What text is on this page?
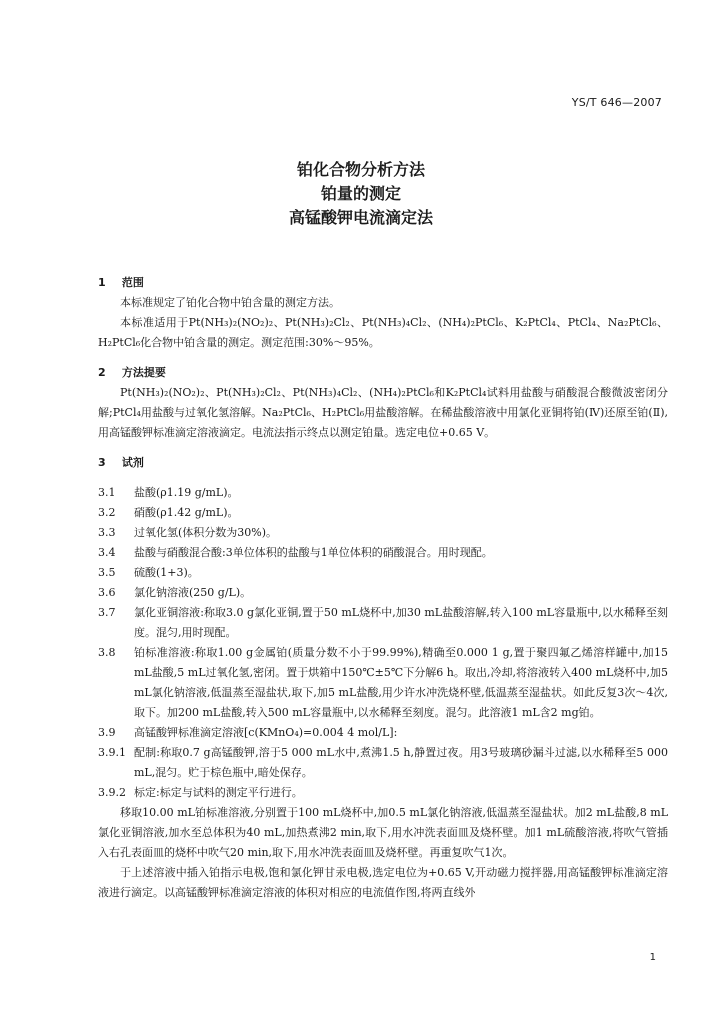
YS/T 646—2007
铂化合物分析方法
铂量的测定
高锰酸钾电流滴定法
1 范围

本标准规定了铂化合物中铂含量的测定方法。

本标准适用于Pt(NH₃)₂(NO₂)₂、Pt(NH₃)₂Cl₂、Pt(NH₃)₄Cl₂、(NH₄)₂PtCl₆、K₂PtCl₄、PtCl₄、Na₂PtCl₆、H₂PtCl₆化合物中铂含量的测定。测定范围:30%～95%。

2 方法提要

Pt(NH₃)₂(NO₂)₂、Pt(NH₃)₂Cl₂、Pt(NH₃)₄Cl₂、(NH₄)₂PtCl₆和K₂PtCl₄试料用盐酸与硝酸混合酸微波密闭分解;PtCl₄用盐酸与过氧化氢溶解。Na₂PtCl₆、H₂PtCl₆用盐酸溶解。在稀盐酸溶液中用氯化亚铜将铂(Ⅳ)还原至铂(Ⅱ),用高锰酸钾标准滴定溶液滴定。电流法指示终点以测定铂量。选定电位+0.65 V。

3 试剂
3.1	盐酸(ρ1.19 g/mL)。
3.2	硝酸(ρ1.42 g/mL)。
3.3	过氧化氢(体积分数为30%)。
3.4	盐酸与硝酸混合酸:3单位体积的盐酸与1单位体积的硝酸混合。用时现配。
3.5	硫酸(1+3)。
3.6	氯化钠溶液(250 g/L)。
3.7	氯化亚铜溶液:称取3.0 g氯化亚铜,置于50 mL烧杯中,加30 mL盐酸溶解,转入100 mL容量瓶中,以水稀释至刻度。混匀,用时现配。
3.8	铂标准溶液:称取1.00 g金属铂(质量分数不小于99.99%),精确至0.000 1 g,置于聚四氟乙烯溶样罐中,加15 mL盐酸,5 mL过氧化氢,密闭。置于烘箱中150℃±5℃下分解6 h。取出,冷却,将溶液转入400 mL烧杯中,加5 mL氯化钠溶液,低温蒸至湿盐状,取下,加5 mL盐酸,用少许水冲洗烧杯壁,低温蒸至湿盐状。如此反复3次～4次,取下。加200 mL盐酸,转入500 mL容量瓶中,以水稀释至刻度。混匀。此溶液1 mL含2 mg铂。
3.9	高锰酸钾标准滴定溶液[c(KMnO₄)=0.004 4 mol/L]:
3.9.1 配制:称取0.7 g高锰酸钾,溶于5 000 mL水中,煮沸1.5 h,静置过夜。用3号玻璃砂漏斗过滤,以水稀释至5 000 mL,混匀。贮于棕色瓶中,暗处保存。
3.9.2 标定:标定与试料的测定平行进行。

移取10.00 mL铂标准溶液,分别置于100 mL烧杯中,加0.5 mL氯化钠溶液,低温蒸至湿盐状。加2 mL盐酸,8 mL氯化亚铜溶液,加水至总体积为40 mL,加热煮沸2 min,取下,用水冲洗表面皿及烧杯壁。加1 mL硫酸溶液,将吹气管插入右孔表面皿的烧杯中吹气20 min,取下,用水冲洗表面皿及烧杯壁。再重复吹气1次。

于上述溶液中插入铂指示电极,饱和氯化钾甘汞电极,选定电位为+0.65 V,开动磁力搅拌器,用高锰酸钾标准滴定溶液进行滴定。以高锰酸钾标准滴定溶液的体积对相应的电流值作图,将两直线外

1
